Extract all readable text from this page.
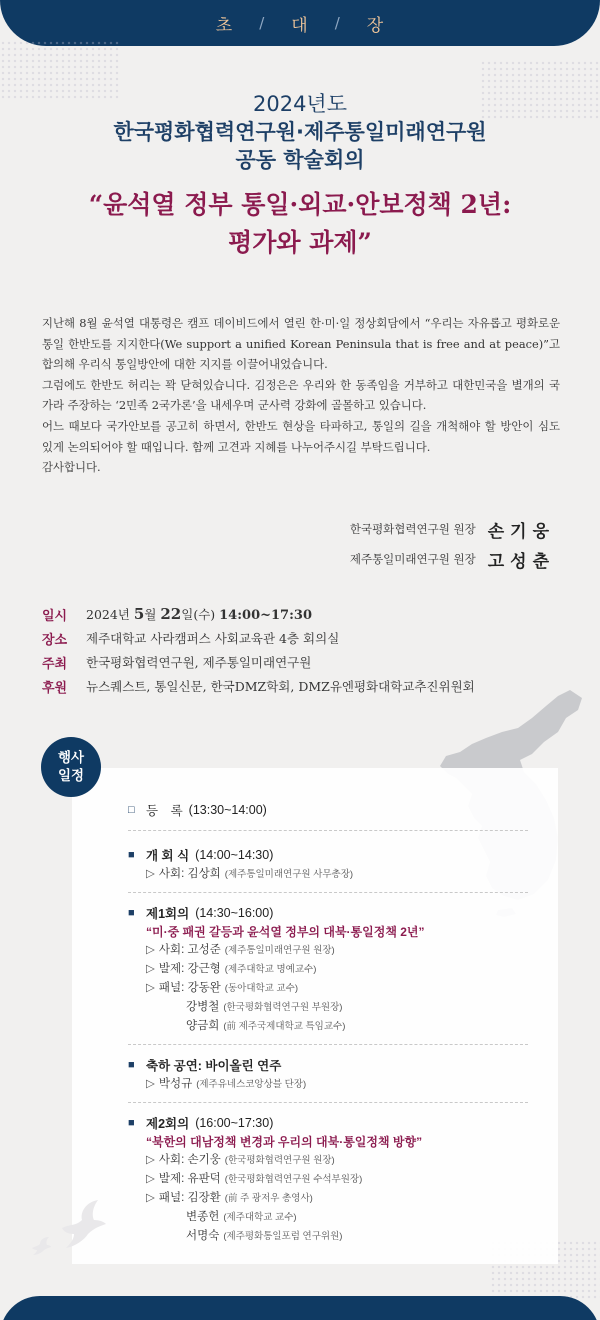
초 / 대 / 장
2024년도
한국평화협력연구원·제주통일미래연구원
공동 학술회의
“윤석열 정부 통일·외교·안보정책 2년:
평가와 과제”

지난해 8월 윤석열 대통령은 캠프 데이비드에서 열린 한·미·일 정상회담에서 “우리는 자유롭고 평화로운 통일 한반도를 지지한다(We support a unified Korean Peninsula that is free and at peace)”고 합의해 우리식 통일방안에 대한 지지를 이끌어내었습니다.

그럼에도 한반도 허리는 꽉 닫혀있습니다. 김정은은 우리와 한 동족임을 거부하고 대한민국을 별개의 국가라 주장하는 ‘2민족 2국가론’을 내세우며 군사력 강화에 골몰하고 있습니다.

어느 때보다 국가안보를 공고히 하면서, 한반도 현상을 타파하고, 통일의 길을 개척해야 할 방안이 심도 있게 논의되어야 할 때입니다. 함께 고견과 지혜를 나누어주시길 부탁드립니다.

감사합니다.

한국평화협력연구원 원장 손기웅
제주통일미래연구원 원장 고성춘
일시	2024년 5월 22일(수) 14:00~17:30
장소	제주대학교 사라캠퍼스 사회교육관 4층 회의실
주최	한국평화협력연구원, 제주통일미래연구원
후원	뉴스퀘스트, 통일신문, 한국DMZ학회, DMZ유엔평화대학교추진위원회
행사
일정
□ 등　록 (13:30~14:00)
■ 개 회 식 (14:00~14:30)
▷ 사회: 김상희 (제주통일미래연구원 사무총장)
■ 제1회의 (14:30~16:00)
“미·중 패권 갈등과 윤석열 정부의 대북·통일정책 2년”
▷ 사회: 고성준 (제주통일미래연구원 원장)
▷ 발제: 강근형 (제주대학교 명예교수)
▷ 패널: 강동완 (동아대학교 교수)
강병철 (한국평화협력연구원 부원장)
양금희 (前 제주국제대학교 특임교수)
■ 축하 공연: 바이올린 연주
▷ 박성규 (제주유네스코앙상블 단장)
■ 제2회의 (16:00~17:30)
“북한의 대남정책 변경과 우리의 대북·통일정책 방향”
▷ 사회: 손기웅 (한국평화협력연구원 원장)
▷ 발제: 유판덕 (한국평화협력연구원 수석부원장)
▷ 패널: 김장환 (前 주 광저우 총영사)
변종헌 (제주대학교 교수)
서명숙 (제주평화통일포럼 연구위원)
